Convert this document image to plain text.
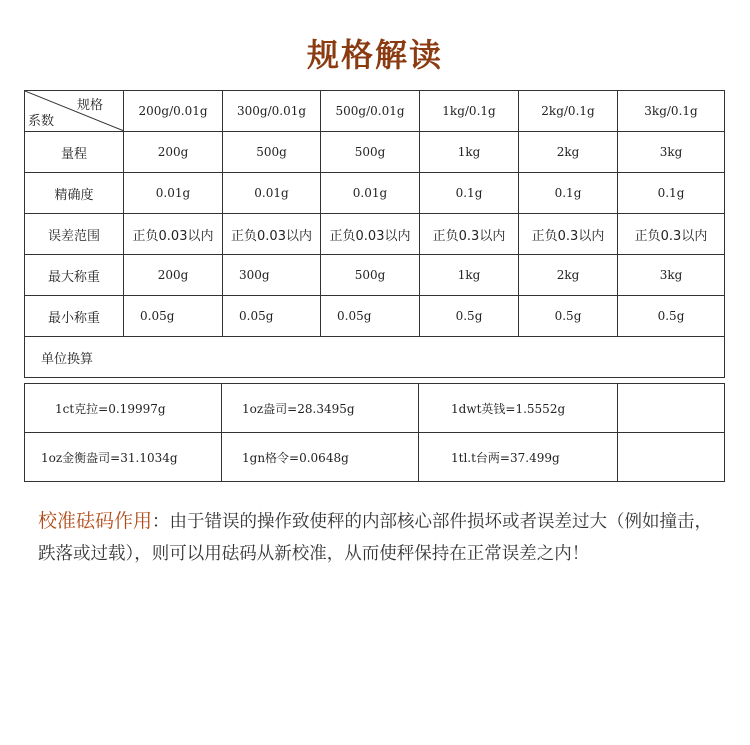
规格解读
规格
系数	200g/0.01g	300g/0.01g	500g/0.01g	1kg/0.1g	2kg/0.1g	3kg/0.1g
量程	200g	500g	500g	1kg	2kg	3kg
精确度	0.01g	0.01g	0.01g	0.1g	0.1g	0.1g
误差范围	正负0.03以内	正负0.03以内	正负0.03以内	正负0.3以内	正负0.3以内	正负0.3以内
最大称重	200g	300g	500g	1kg	2kg	3kg
最小称重	0.05g	0.05g	0.05g	0.5g	0.5g	0.5g
单位换算						
1ct克拉=0.19997g	1oz盎司=28.3495g	1dwt英钱=1.5552g	
1oz金衡盎司=31.1034g	1gn格令=0.0648g	1tl.t台两=37.499g	
校准砝码作用：由于错误的操作致使秤的内部核心部件损坏或者误差过大（例如撞击，跌落或过载），则可以用砝码从新校准，从而使秤保持在正常误差之内！
